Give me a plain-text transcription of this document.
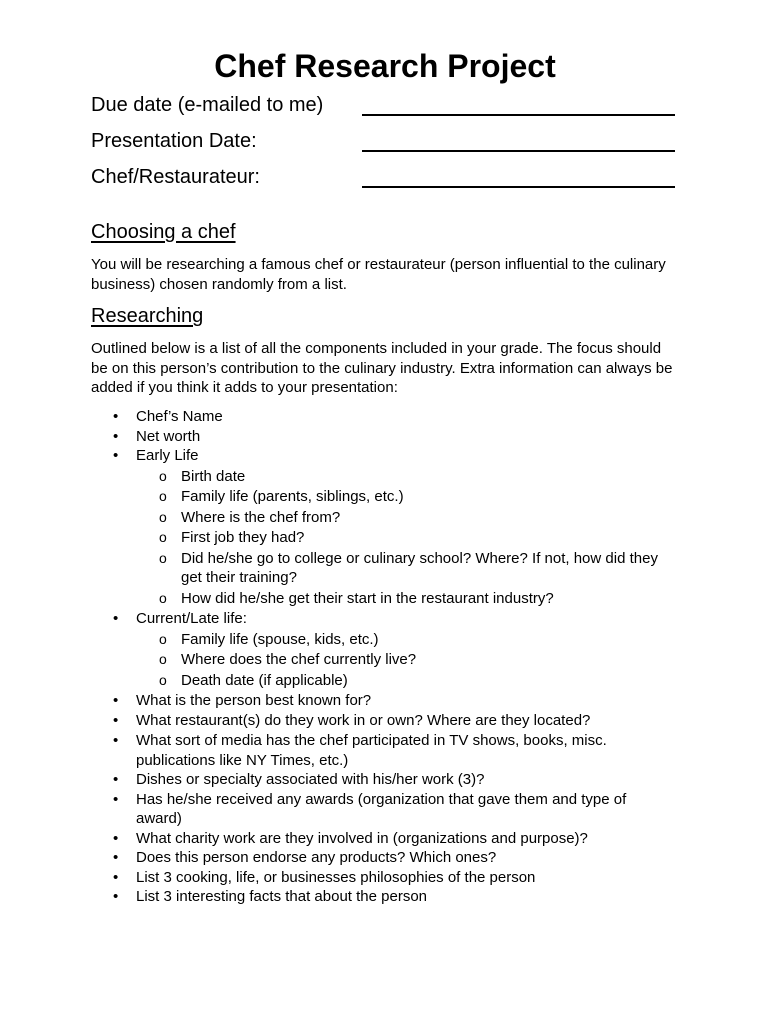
Chef Research Project
Due date (e-mailed to me)
Presentation Date:
Chef/Restaurateur:
Choosing a chef
You will be researching a famous chef or restaurateur (person influential to the culinary business) chosen randomly from a list.
Researching
Outlined below is a list of all the components included in your grade. The focus should be on this person’s contribution to the culinary industry. Extra information can always be added if you think it adds to your presentation:
• Chef’s Name
• Net worth
• Early Life
o Birth date
o Family life (parents, siblings, etc.)
o Where is the chef from?
o First job they had?
o Did he/she go to college or culinary school? Where? If not, how did they get their training?
o How did he/she get their start in the restaurant industry?
• Current/Late life:
o Family life (spouse, kids, etc.)
o Where does the chef currently live?
o Death date (if applicable)
• What is the person best known for?
• What restaurant(s) do they work in or own? Where are they located?
• What sort of media has the chef participated in TV shows, books, misc. publications like NY Times, etc.)
• Dishes or specialty associated with his/her work (3)?
• Has he/she received any awards (organization that gave them and type of award)
• What charity work are they involved in (organizations and purpose)?
• Does this person endorse any products? Which ones?
• List 3 cooking, life, or businesses philosophies of the person
• List 3 interesting facts that about the person
